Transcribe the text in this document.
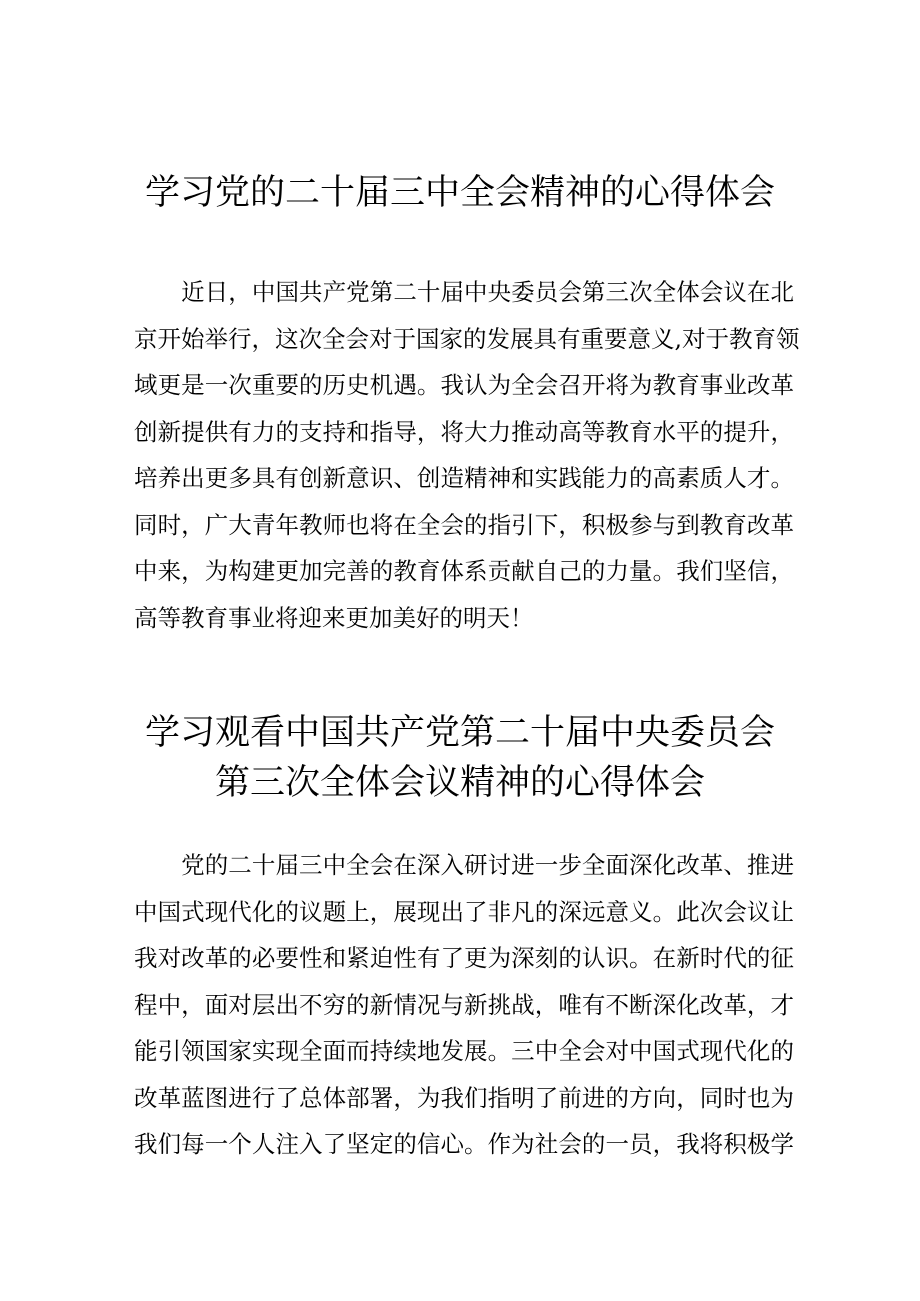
学习党的二十届三中全会精神的心得体会
　　近日，中国共产党第二十届中央委员会第三次全体会议在北
京开始举行，这次全会对于国家的发展具有重要意义,对于教育领
域更是一次重要的历史机遇。我认为全会召开将为教育事业改革
创新提供有力的支持和指导，将大力推动高等教育水平的提升，
培养出更多具有创新意识、创造精神和实践能力的高素质人才。
同时，广大青年教师也将在全会的指引下，积极参与到教育改革
中来，为构建更加完善的教育体系贡献自己的力量。我们坚信，
高等教育事业将迎来更加美好的明天！
学习观看中国共产党第二十届中央委员会
第三次全体会议精神的心得体会
　　党的二十届三中全会在深入研讨进一步全面深化改革、推进
中国式现代化的议题上，展现出了非凡的深远意义。此次会议让
我对改革的必要性和紧迫性有了更为深刻的认识。在新时代的征
程中，面对层出不穷的新情况与新挑战，唯有不断深化改革，才
能引领国家实现全面而持续地发展。三中全会对中国式现代化的
改革蓝图进行了总体部署，为我们指明了前进的方向，同时也为
我们每一个人注入了坚定的信心。作为社会的一员，我将积极学
